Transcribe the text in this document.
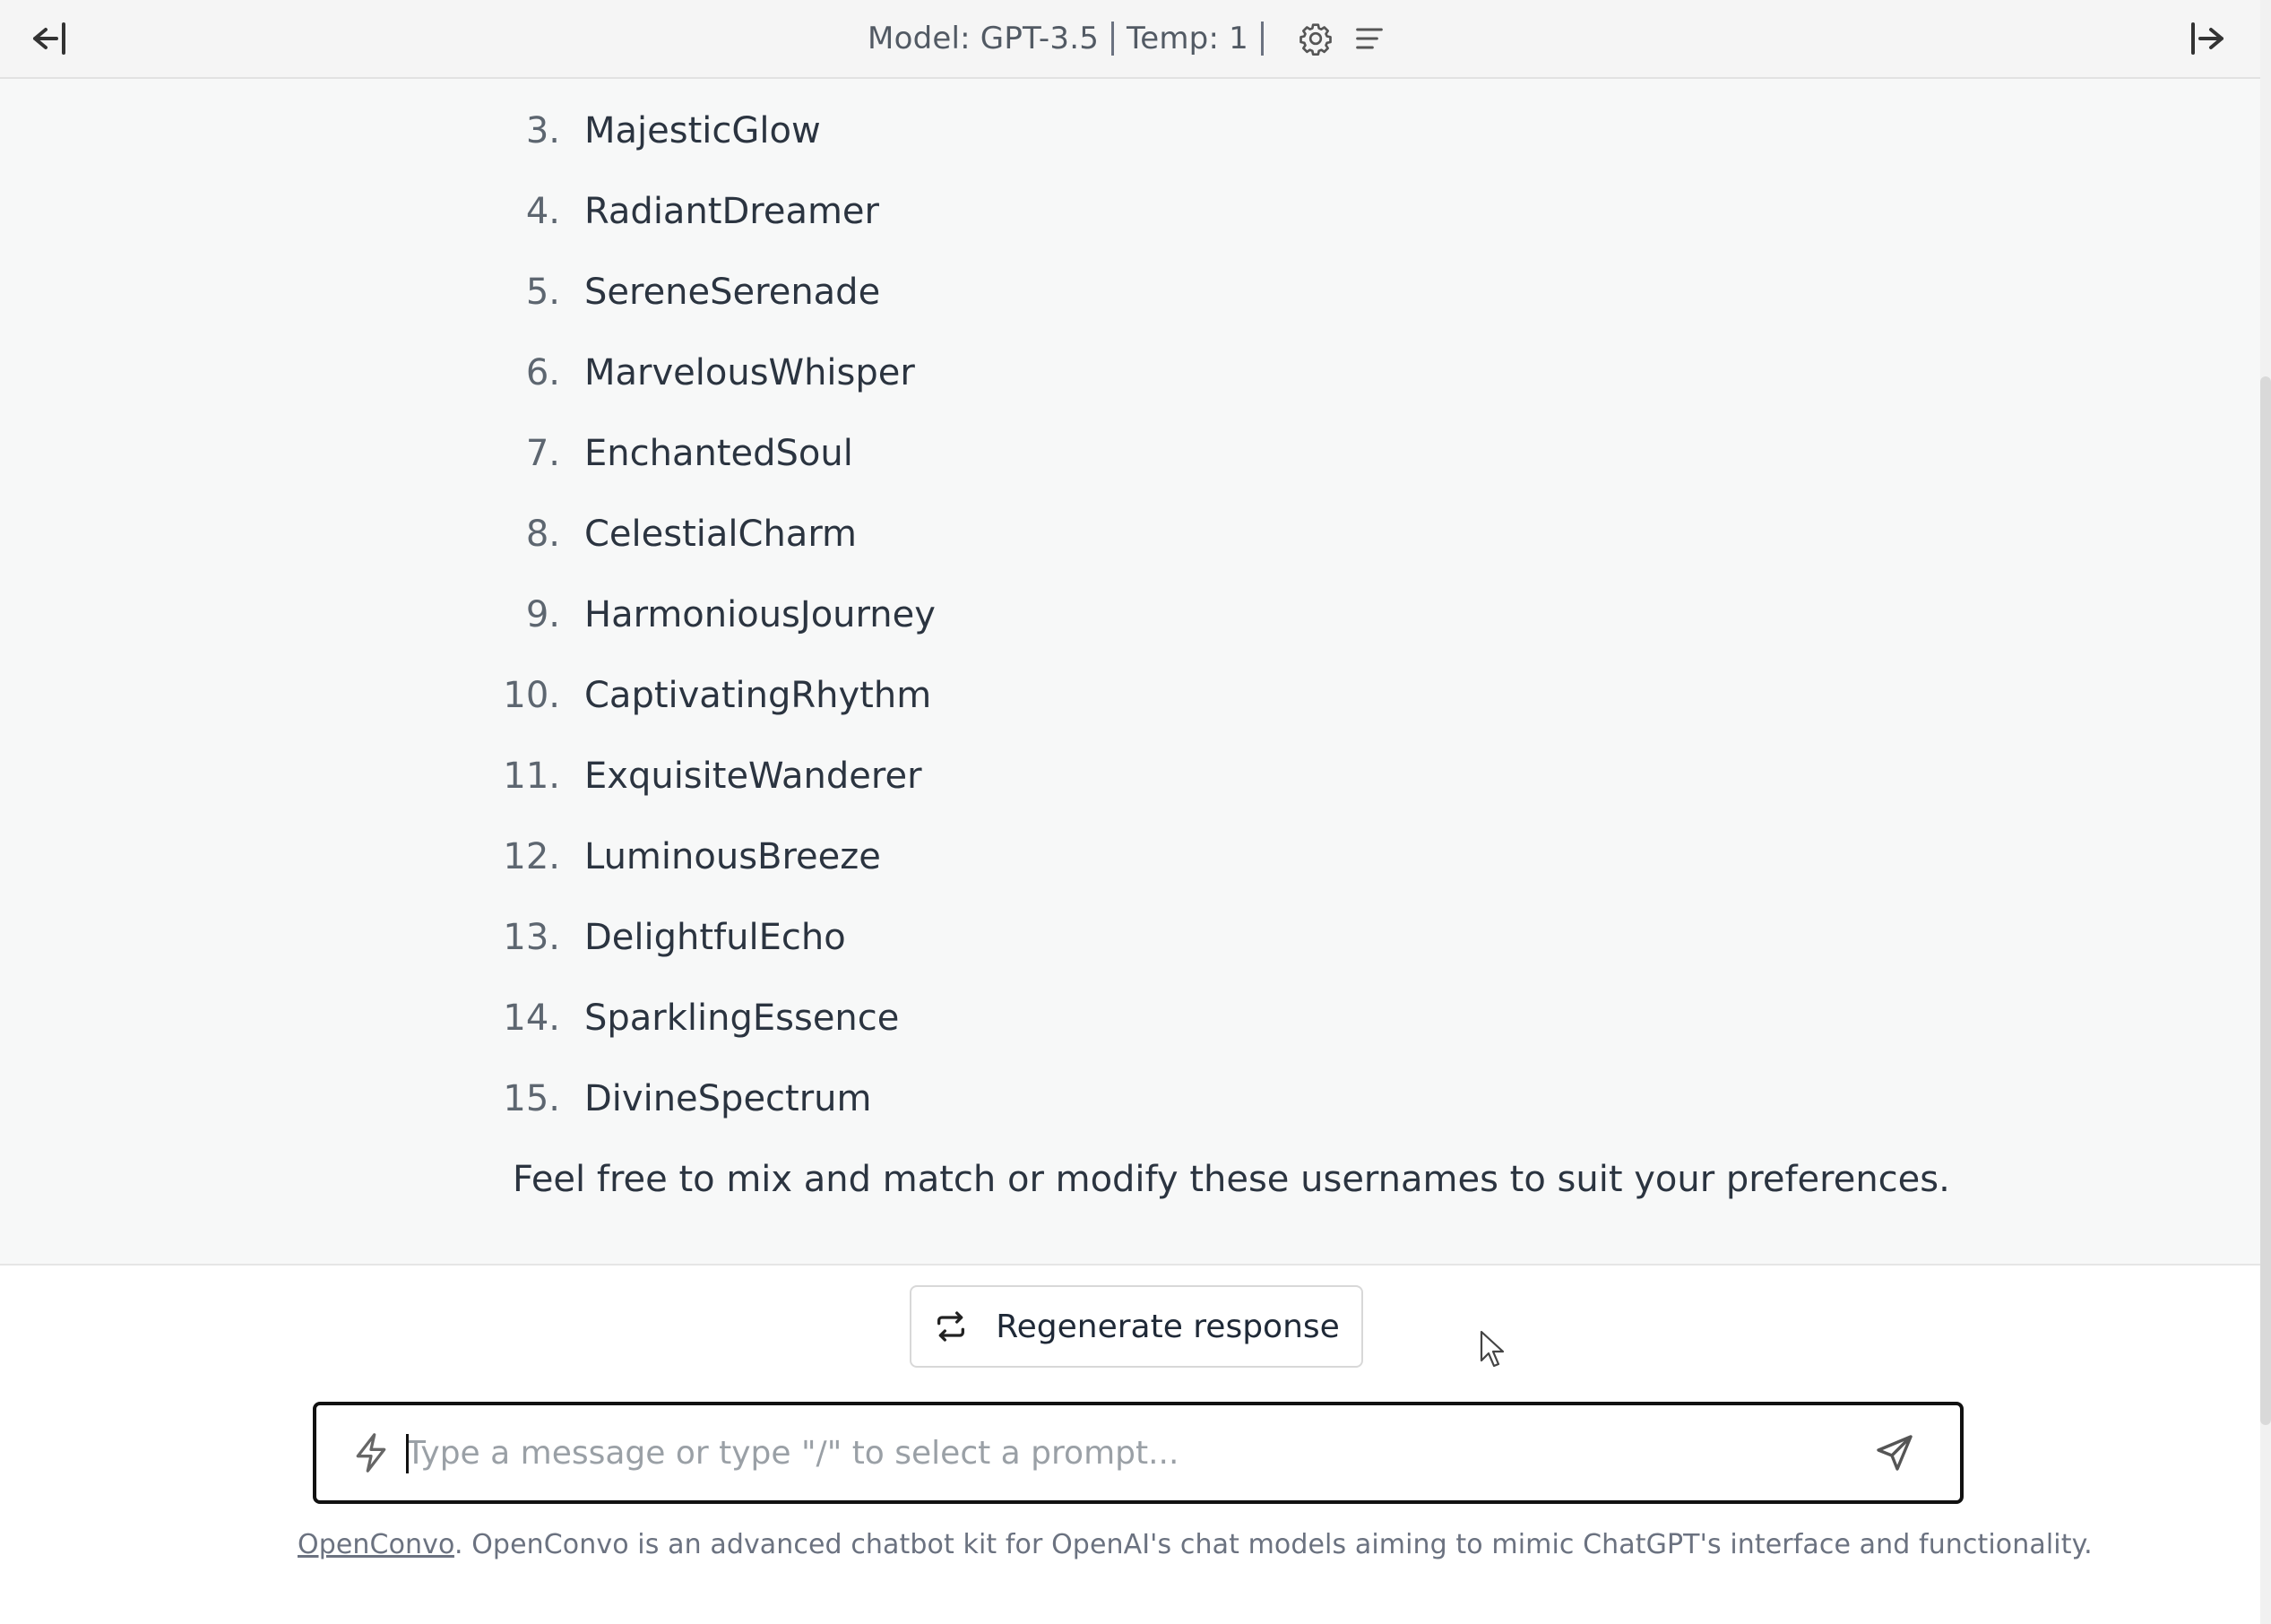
Model: GPT-3.5 Temp: 1
3. MajesticGlow
4. RadiantDreamer
5. SereneSerenade
6. MarvelousWhisper
7. EnchantedSoul
8. CelestialCharm
9. HarmoniousJourney
10. CaptivatingRhythm
11. ExquisiteWanderer
12. LuminousBreeze
13. DelightfulEcho
14. SparklingEssence
15. DivineSpectrum
Feel free to mix and match or modify these usernames to suit your preferences.
Regenerate response
Type a message or type "/" to select a prompt...
OpenConvo. OpenConvo is an advanced chatbot kit for OpenAI's chat models aiming to mimic ChatGPT's interface and functionality.
